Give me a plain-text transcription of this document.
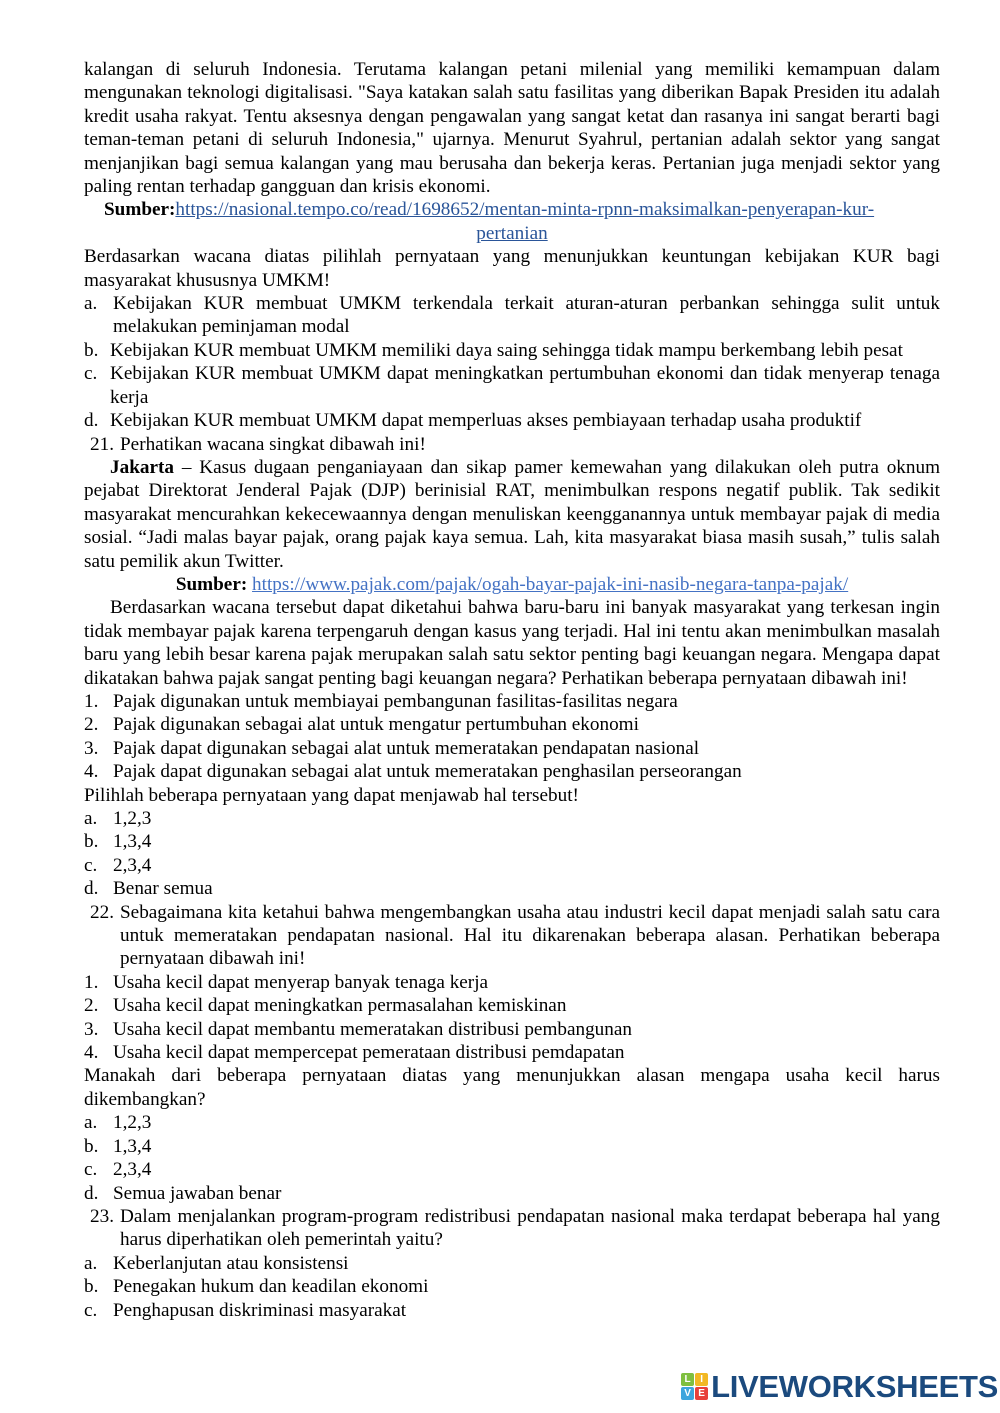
kalangan di seluruh Indonesia. Terutama kalangan petani milenial yang memiliki kemampuan dalam mengunakan teknologi digitalisasi. "Saya katakan salah satu fasilitas yang diberikan Bapak Presiden itu adalah kredit usaha rakyat. Tentu aksesnya dengan pengawalan yang sangat ketat dan rasanya ini sangat berarti bagi teman-teman petani di seluruh Indonesia," ujarnya. Menurut Syahrul, pertanian adalah sektor yang sangat menjanjikan bagi semua kalangan yang mau berusaha dan bekerja keras. Pertanian juga menjadi sektor yang paling rentan terhadap gangguan dan krisis ekonomi.

Sumber:https://nasional.tempo.co/read/1698652/mentan-minta-rpnn-maksimalkan-penyerapan-kur-

pertanian

Berdasarkan wacana diatas pilihlah pernyataan yang menunjukkan keuntungan kebijakan KUR bagi masyarakat khususnya UMKM!

a. Kebijakan KUR membuat UMKM terkendala terkait aturan-aturan perbankan sehingga sulit untuk melakukan peminjaman modal
b. Kebijakan KUR membuat UMKM memiliki daya saing sehingga tidak mampu berkembang lebih pesat
c. Kebijakan KUR membuat UMKM dapat meningkatkan pertumbuhan ekonomi dan tidak menyerap tenaga kerja
d. Kebijakan KUR membuat UMKM dapat memperluas akses pembiayaan terhadap usaha produktif
21. Perhatikan wacana singkat dibawah ini!

Jakarta – Kasus dugaan penganiayaan dan sikap pamer kemewahan yang dilakukan oleh putra oknum pejabat Direktorat Jenderal Pajak (DJP) berinisial RAT, menimbulkan respons negatif publik. Tak sedikit masyarakat mencurahkan kekecewaannya dengan menuliskan keengganannya untuk membayar pajak di media sosial. “Jadi malas bayar pajak, orang pajak kaya semua. Lah, kita masyarakat biasa masih susah,” tulis salah satu pemilik akun Twitter.

Sumber: https://www.pajak.com/pajak/ogah-bayar-pajak-ini-nasib-negara-tanpa-pajak/

Berdasarkan wacana tersebut dapat diketahui bahwa baru-baru ini banyak masyarakat yang terkesan ingin tidak membayar pajak karena terpengaruh dengan kasus yang terjadi. Hal ini tentu akan menimbulkan masalah baru yang lebih besar karena pajak merupakan salah satu sektor penting bagi keuangan negara. Mengapa dapat dikatakan bahwa pajak sangat penting bagi keuangan negara? Perhatikan beberapa pernyataan dibawah ini!

1. Pajak digunakan untuk membiayai pembangunan fasilitas-fasilitas negara
2. Pajak digunakan sebagai alat untuk mengatur pertumbuhan ekonomi
3. Pajak dapat digunakan sebagai alat untuk memeratakan pendapatan nasional
4. Pajak dapat digunakan sebagai alat untuk memeratakan penghasilan perseorangan

Pilihlah beberapa pernyataan yang dapat menjawab hal tersebut!

a. 1,2,3
b. 1,3,4
c. 2,3,4
d. Benar semua
22. Sebagaimana kita ketahui bahwa mengembangkan usaha atau industri kecil dapat menjadi salah satu cara untuk memeratakan pendapatan nasional. Hal itu dikarenakan beberapa alasan. Perhatikan beberapa pernyataan dibawah ini!
1. Usaha kecil dapat menyerap banyak tenaga kerja
2. Usaha kecil dapat meningkatkan permasalahan kemiskinan
3. Usaha kecil dapat membantu memeratakan distribusi pembangunan
4. Usaha kecil dapat mempercepat pemerataan distribusi pemdapatan

Manakah dari beberapa pernyataan diatas yang menunjukkan alasan mengapa usaha kecil harus dikembangkan?

a. 1,2,3
b. 1,3,4
c. 2,3,4
d. Semua jawaban benar
23. Dalam menjalankan program-program redistribusi pendapatan nasional maka terdapat beberapa hal yang harus diperhatikan oleh pemerintah yaitu?
a. Keberlanjutan atau konsistensi
b. Penegakan hukum dan keadilan ekonomi
c. Penghapusan diskriminasi masyarakat
L I
V E LIVEWORKSHEETS
